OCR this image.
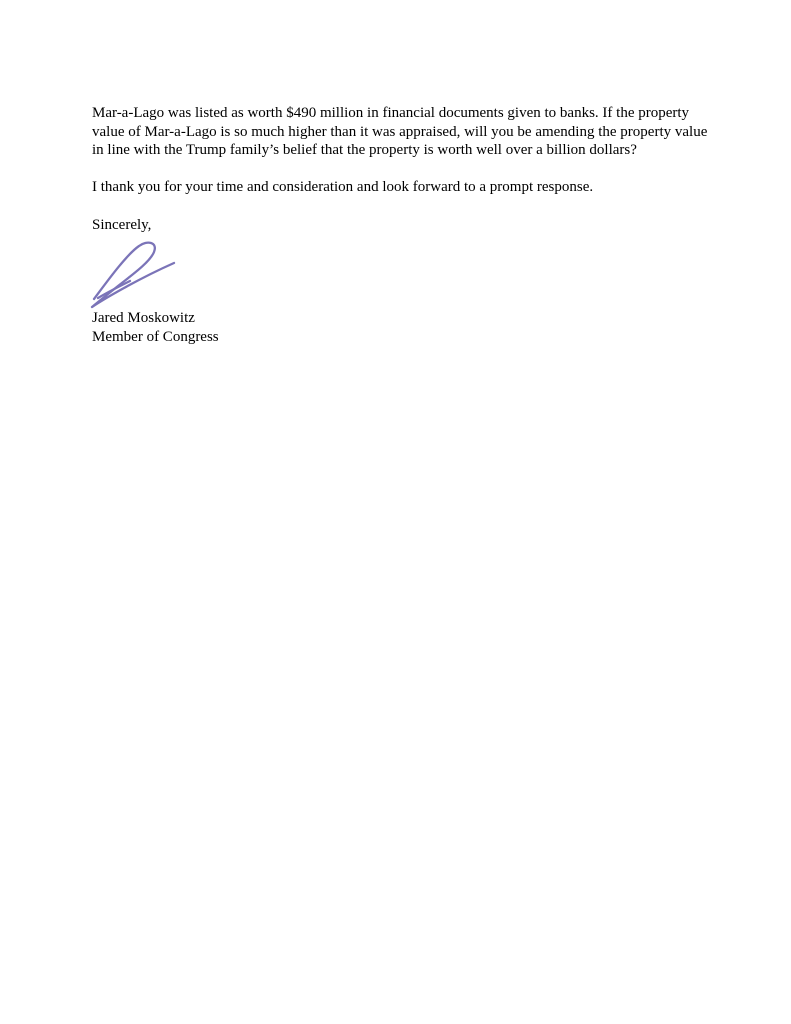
Mar-a-Lago was listed as worth $490 million in financial documents given to banks. If the property value of Mar-a-Lago is so much higher than it was appraised, will you be amending the property value in line with the Trump family’s belief that the property is worth well over a billion dollars?

I thank you for your time and consideration and look forward to a prompt response.

Sincerely,

Jared Moskowitz
Member of Congress
